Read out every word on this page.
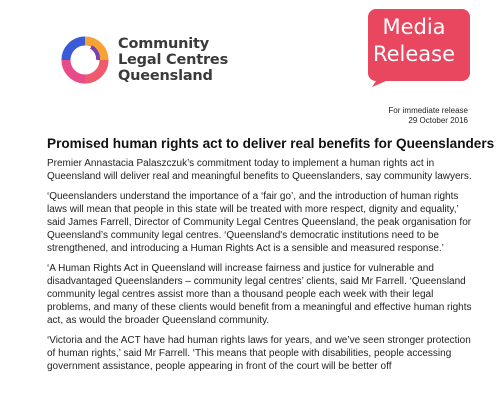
Community
Legal Centres
Queensland
Media
Release
For immediate release
29 October 2016
Promised human rights act to deliver real benefits for Queenslanders

Premier Annastacia Palaszczuk’s commitment today to implement a human rights act in Queensland will deliver real and meaningful benefits to Queenslanders, say community lawyers.

‘Queenslanders understand the importance of a ‘fair go’, and the introduction of human rights laws will mean that people in this state will be treated with more respect, dignity and equality,’ said James Farrell, Director of Community Legal Centres Queensland, the peak organisation for Queensland’s community legal centres. ‘Queensland's democratic institutions need to be strengthened, and introducing a Human Rights Act is a sensible and measured response.’

‘A Human Rights Act in Queensland will increase fairness and justice for vulnerable and disadvantaged Queenslanders – community legal centres’ clients, said Mr Farrell. ‘Queensland community legal centres assist more than a thousand people each week with their legal problems, and many of these clients would benefit from a meaningful and effective human rights act, as would the broader Queensland community.

‘Victoria and the ACT have had human rights laws for years, and we’ve seen stronger protection of human rights,’ said Mr Farrell. ‘This means that people with disabilities, people accessing government assistance, people appearing in front of the court will be better off
